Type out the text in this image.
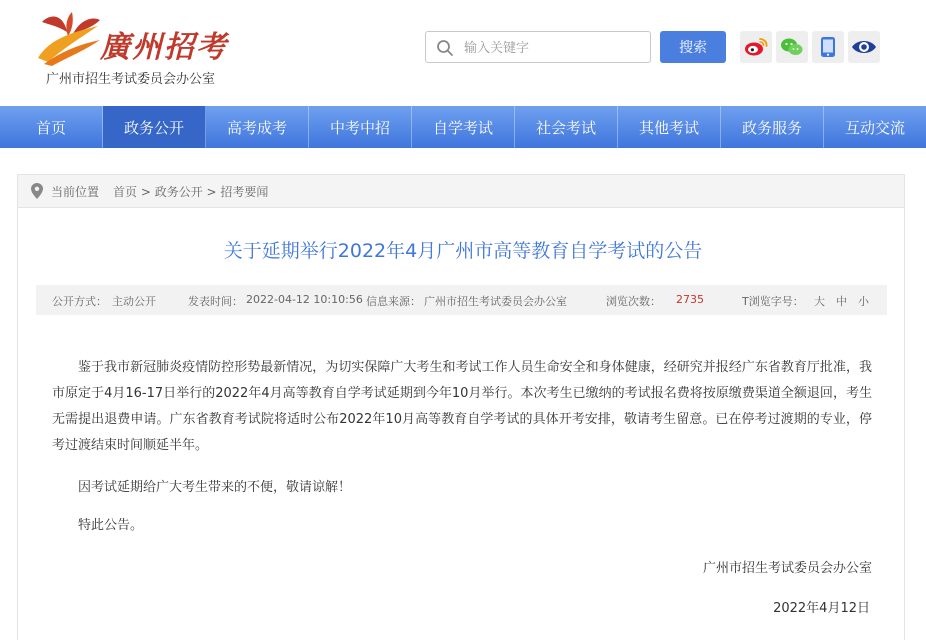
廣州招考
广州市招生考试委员会办公室
输入关键字
搜索
首页	政务公开	高考成考	中考中招	自学考试	社会考试	其他考试	政务服务	互动交流
当前位置 首页 > 政务公开 > 招考要闻
关于延期举行2022年4月广州市高等教育自学考试的公告
公开方式： 主动公开	发表时间： 2022-04-12 10:10:56 信息来源： 广州市招生考试委员会办公室	浏览次数： 2735	T浏览字号： 大 中 小

鉴于我市新冠肺炎疫情防控形势最新情况，为切实保障广大考生和考试工作人员生命安全和身体健康，经研究并报经广东省教育厅批准，我市原定于4月16-17日举行的2022年4月高等教育自学考试延期到今年10月举行。本次考生已缴纳的考试报名费将按原缴费渠道全额退回，考生无需提出退费申请。广东省教育考试院将适时公布2022年10月高等教育自学考试的具体开考安排，敬请考生留意。已在停考过渡期的专业，停考过渡结束时间顺延半年。

因考试延期给广大考生带来的不便，敬请谅解！

特此公告。

广州市招生考试委员会办公室
2022年4月12日
